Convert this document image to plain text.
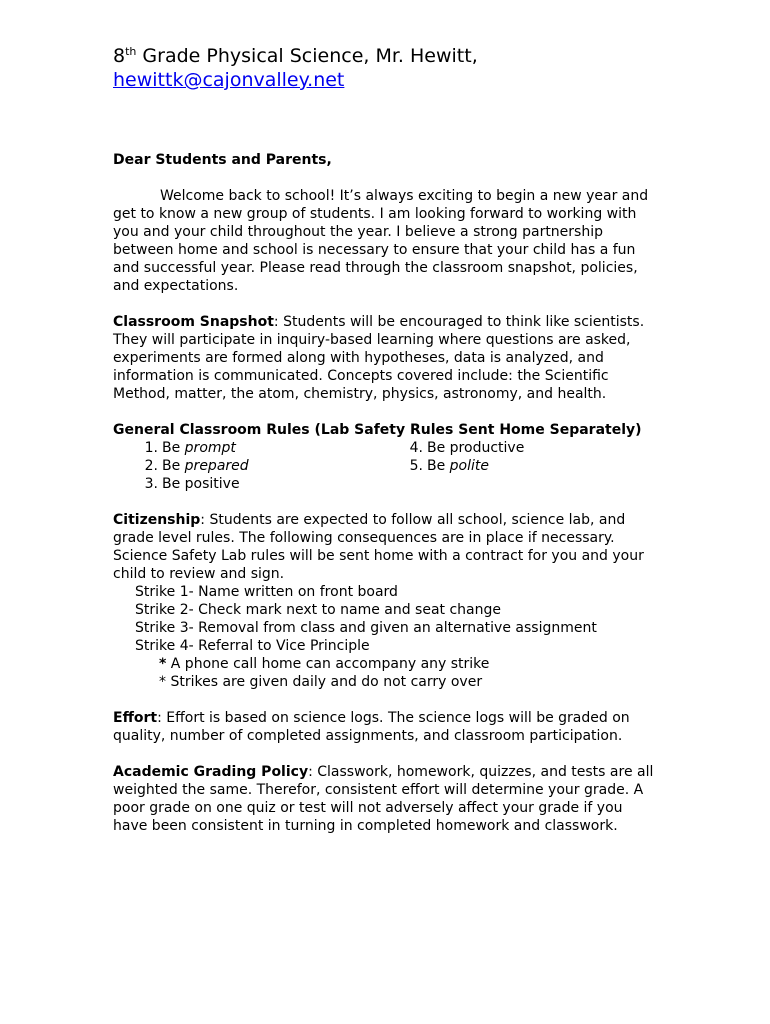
8th Grade Physical Science, Mr. Hewitt,
hewittk@cajonvalley.net
Dear Students and Parents,
Welcome back to school! It’s always exciting to begin a new year and get to know a new group of students. I am looking forward to working with you and your child throughout the year. I believe a strong partnership between home and school is necessary to ensure that your child has a fun and successful year. Please read through the classroom snapshot, policies, and expectations.
Classroom Snapshot: Students will be encouraged to think like scientists. They will participate in inquiry-based learning where questions are asked, experiments are formed along with hypotheses, data is analyzed, and information is communicated. Concepts covered include: the Scientific Method, matter, the atom, chemistry, physics, astronomy, and health.
General Classroom Rules (Lab Safety Rules Sent Home Separately)
1. Be prompt
2. Be prepared
3. Be positive
4. Be productive
5. Be polite
Citizenship: Students are expected to follow all school, science lab, and grade level rules. The following consequences are in place if necessary. Science Safety Lab rules will be sent home with a contract for you and your child to review and sign.
Strike 1- Name written on front board
Strike 2- Check mark next to name and seat change
Strike 3- Removal from class and given an alternative assignment
Strike 4- Referral to Vice Principle
* A phone call home can accompany any strike
* Strikes are given daily and do not carry over
Effort: Effort is based on science logs. The science logs will be graded on quality, number of completed assignments, and classroom participation.
Academic Grading Policy: Classwork, homework, quizzes, and tests are all weighted the same. Therefor, consistent effort will determine your grade. A poor grade on one quiz or test will not adversely affect your grade if you have been consistent in turning in completed homework and classwork.
